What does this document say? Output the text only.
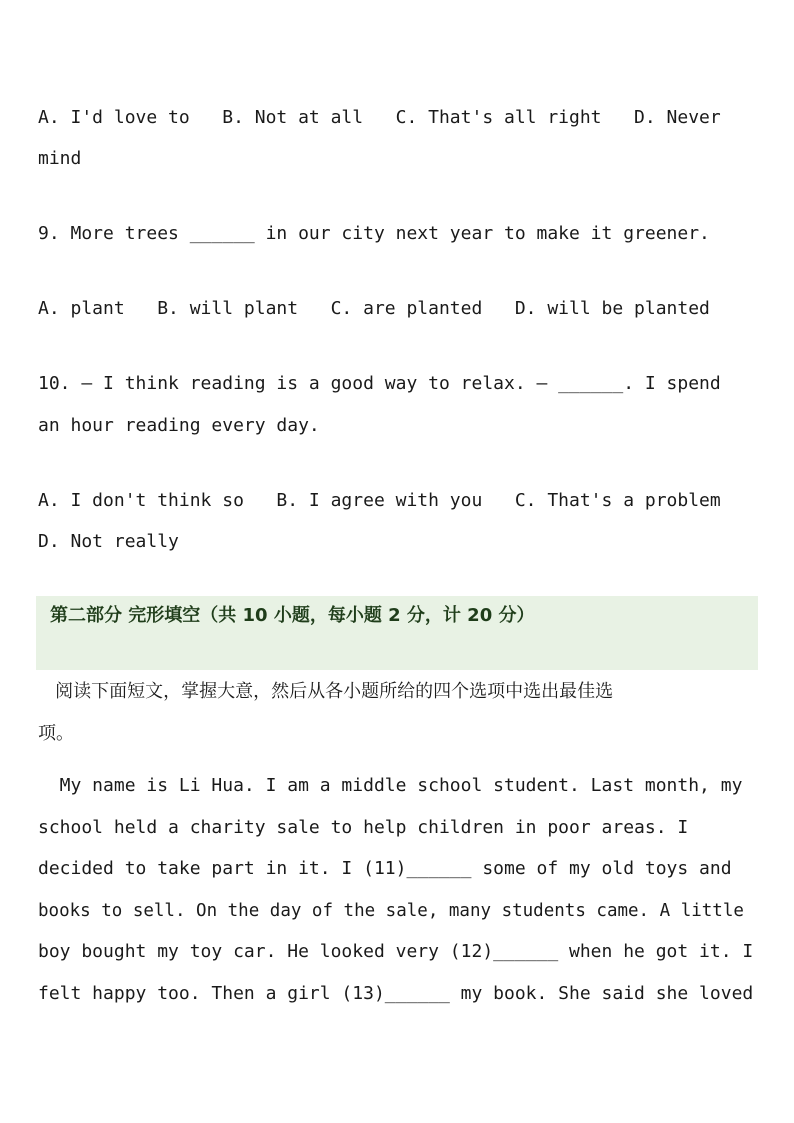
A. I'd love to   B. Not at all   C. That's all right   D. Never
mind
9. More trees ______ in our city next year to make it greener.
A. plant   B. will plant   C. are planted   D. will be planted
10. — I think reading is a good way to relax. — ______. I spend
an hour reading every day.
A. I don't think so   B. I agree with you   C. That's a problem
D. Not really
第二部分 完形填空（共 10 小题，每小题 2 分，计 20 分）
阅读下面短文，掌握大意，然后从各小题所给的四个选项中选出最佳选
项。
My name is Li Hua. I am a middle school student. Last month, my
school held a charity sale to help children in poor areas. I
decided to take part in it. I (11)______ some of my old toys and
books to sell. On the day of the sale, many students came. A little
boy bought my toy car. He looked very (12)______ when he got it. I
felt happy too. Then a girl (13)______ my book. She said she loved
